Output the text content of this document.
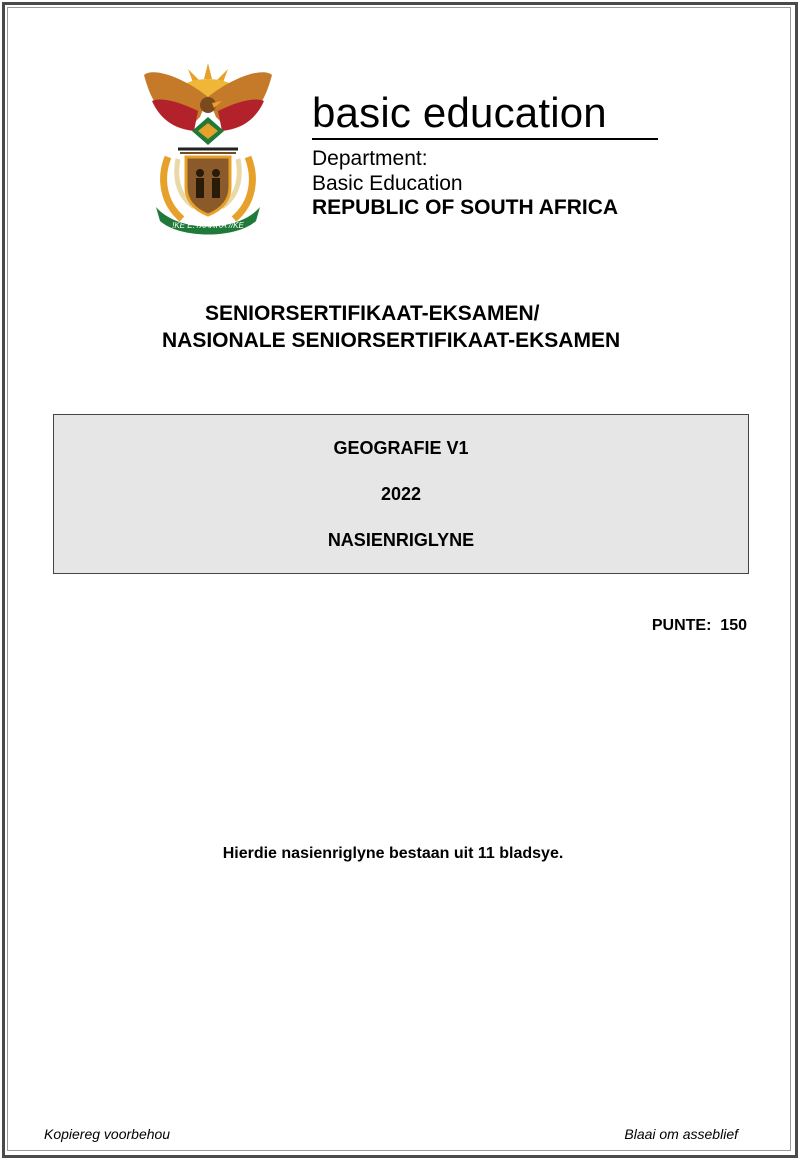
!KE E: /XARRA //KE
basic education
Department:
Basic Education
REPUBLIC OF SOUTH AFRICA
SENIORSERTIFIKAAT-EKSAMEN/
NASIONALE SENIORSERTIFIKAAT-EKSAMEN
GEOGRAFIE V1
2022
NASIENRIGLYNE
PUNTE: 150
Hierdie nasienriglyne bestaan uit 11 bladsye.
Kopiereg voorbehou	Blaai om asseblief
